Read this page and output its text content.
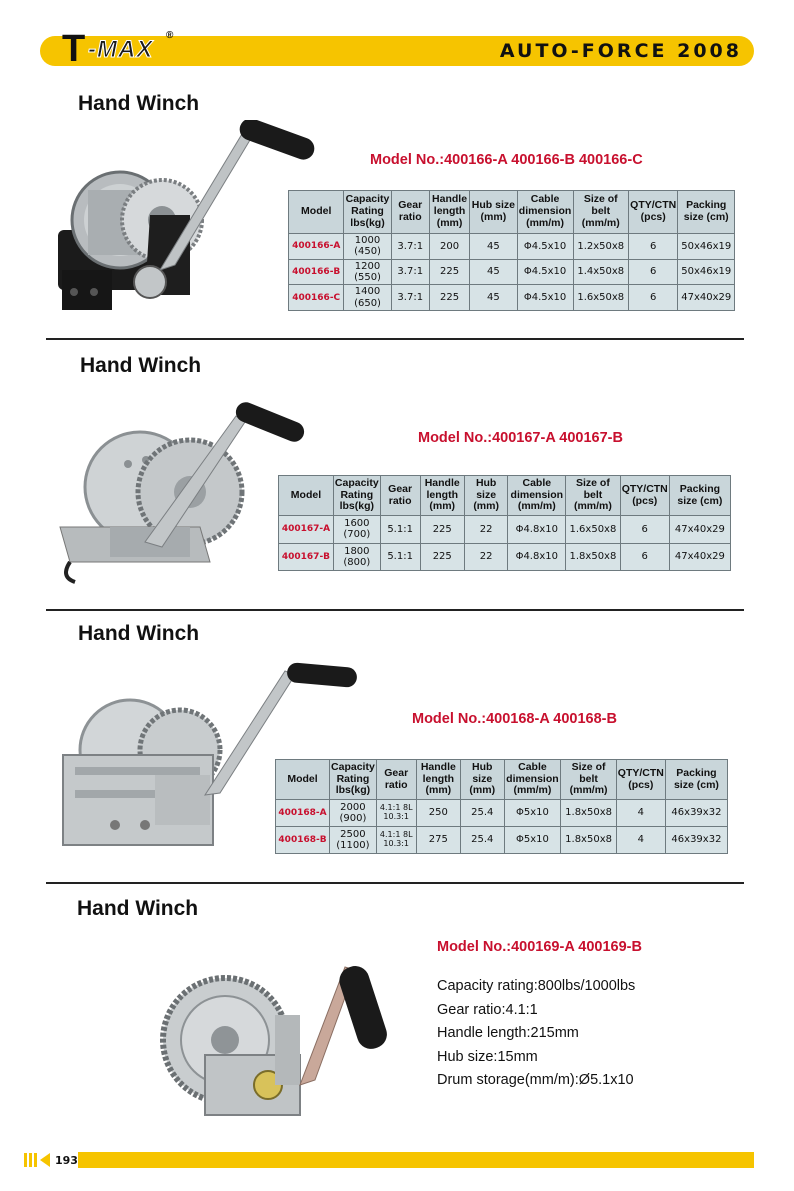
T -MAX
®
AUTO-FORCE 2008
Hand Winch
Model No.:400166-A 400166-B 400166-C
Model	Capacity Rating lbs(kg)	Gear ratio	Handle length (mm)	Hub size (mm)	Cable dimension (mm/m)	Size of belt (mm/m)	QTY/CTN (pcs)	Packing size (cm)
400166-A	1000 (450)	3.7:1	200	45	Φ4.5x10	1.2x50x8	6	50x46x19
400166-B	1200 (550)	3.7:1	225	45	Φ4.5x10	1.4x50x8	6	50x46x19
400166-C	1400 (650)	3.7:1	225	45	Φ4.5x10	1.6x50x8	6	47x40x29
Hand Winch
Model No.:400167-A 400167-B
Model	Capacity Rating lbs(kg)	Gear ratio	Handle length (mm)	Hub size (mm)	Cable dimension (mm/m)	Size of belt (mm/m)	QTY/CTN (pcs)	Packing size (cm)
400167-A	1600 (700)	5.1:1	225	22	Φ4.8x10	1.6x50x8	6	47x40x29
400167-B	1800 (800)	5.1:1	225	22	Φ4.8x10	1.8x50x8	6	47x40x29
Hand Winch
Model No.:400168-A 400168-B
Model	Capacity Rating lbs(kg)	Gear ratio	Handle length (mm)	Hub size (mm)	Cable dimension (mm/m)	Size of belt (mm/m)	QTY/CTN (pcs)	Packing size (cm)
400168-A	2000 (900)	4.1:1 8L 10.3:1	250	25.4	Φ5x10	1.8x50x8	4	46x39x32
400168-B	2500 (1100)	4.1:1 8L 10.3:1	275	25.4	Φ5x10	1.8x50x8	4	46x39x32
Hand Winch
Model No.:400169-A 400169-B
Capacity rating:800lbs/1000lbs
Gear ratio:4.1:1
Handle length:215mm
Hub size:15mm
Drum storage(mm/m):Ø5.1x10
193
